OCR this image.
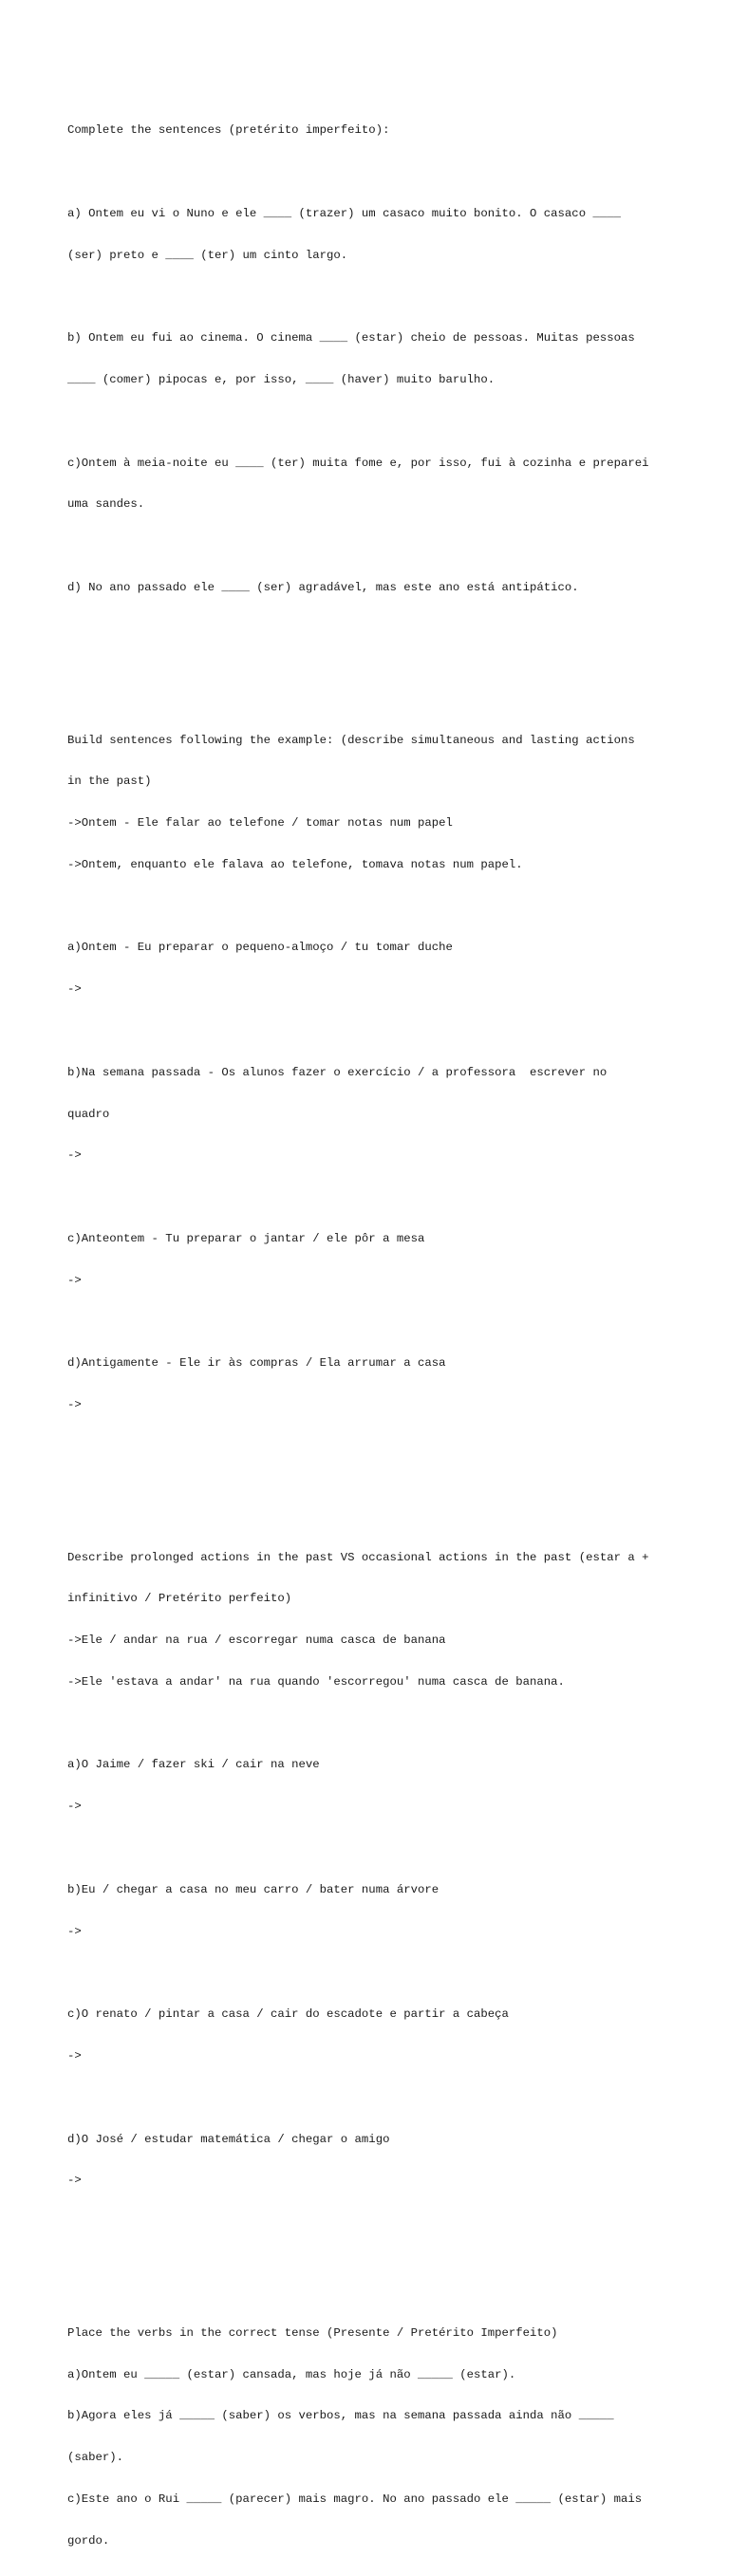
Complete the sentences (pretérito imperfeito):

a) Ontem eu vi o Nuno e ele ____ (trazer) um casaco muito bonito. O casaco ____

(ser) preto e ____ (ter) um cinto largo.

b) Ontem eu fui ao cinema. O cinema ____ (estar) cheio de pessoas. Muitas pessoas

____ (comer) pipocas e, por isso, ____ (haver) muito barulho.

c)Ontem à meia-noite eu ____ (ter) muita fome e, por isso, fui à cozinha e preparei

uma sandes.

d) No ano passado ele ____ (ser) agradável, mas este ano está antipático.

Build sentences following the example: (describe simultaneous and lasting actions

in the past)

->Ontem - Ele falar ao telefone / tomar notas num papel

->Ontem, enquanto ele falava ao telefone, tomava notas num papel.

a)Ontem - Eu preparar o pequeno-almoço / tu tomar duche

->

b)Na semana passada - Os alunos fazer o exercício / a professora  escrever no

quadro

->

c)Anteontem - Tu preparar o jantar / ele pôr a mesa

->

d)Antigamente - Ele ir às compras / Ela arrumar a casa

->

Describe prolonged actions in the past VS occasional actions in the past (estar a +

infinitivo / Pretérito perfeito)

->Ele / andar na rua / escorregar numa casca de banana

->Ele 'estava a andar' na rua quando 'escorregou' numa casca de banana.

a)O Jaime / fazer ski / cair na neve

->

b)Eu / chegar a casa no meu carro / bater numa árvore

->

c)O renato / pintar a casa / cair do escadote e partir a cabeça

->

d)O José / estudar matemática / chegar o amigo

->

Place the verbs in the correct tense (Presente / Pretérito Imperfeito)

a)Ontem eu _____ (estar) cansada, mas hoje já não _____ (estar).

b)Agora eles já _____ (saber) os verbos, mas na semana passada ainda não _____

(saber).

c)Este ano o Rui _____ (parecer) mais magro. No ano passado ele _____ (estar) mais

gordo.
